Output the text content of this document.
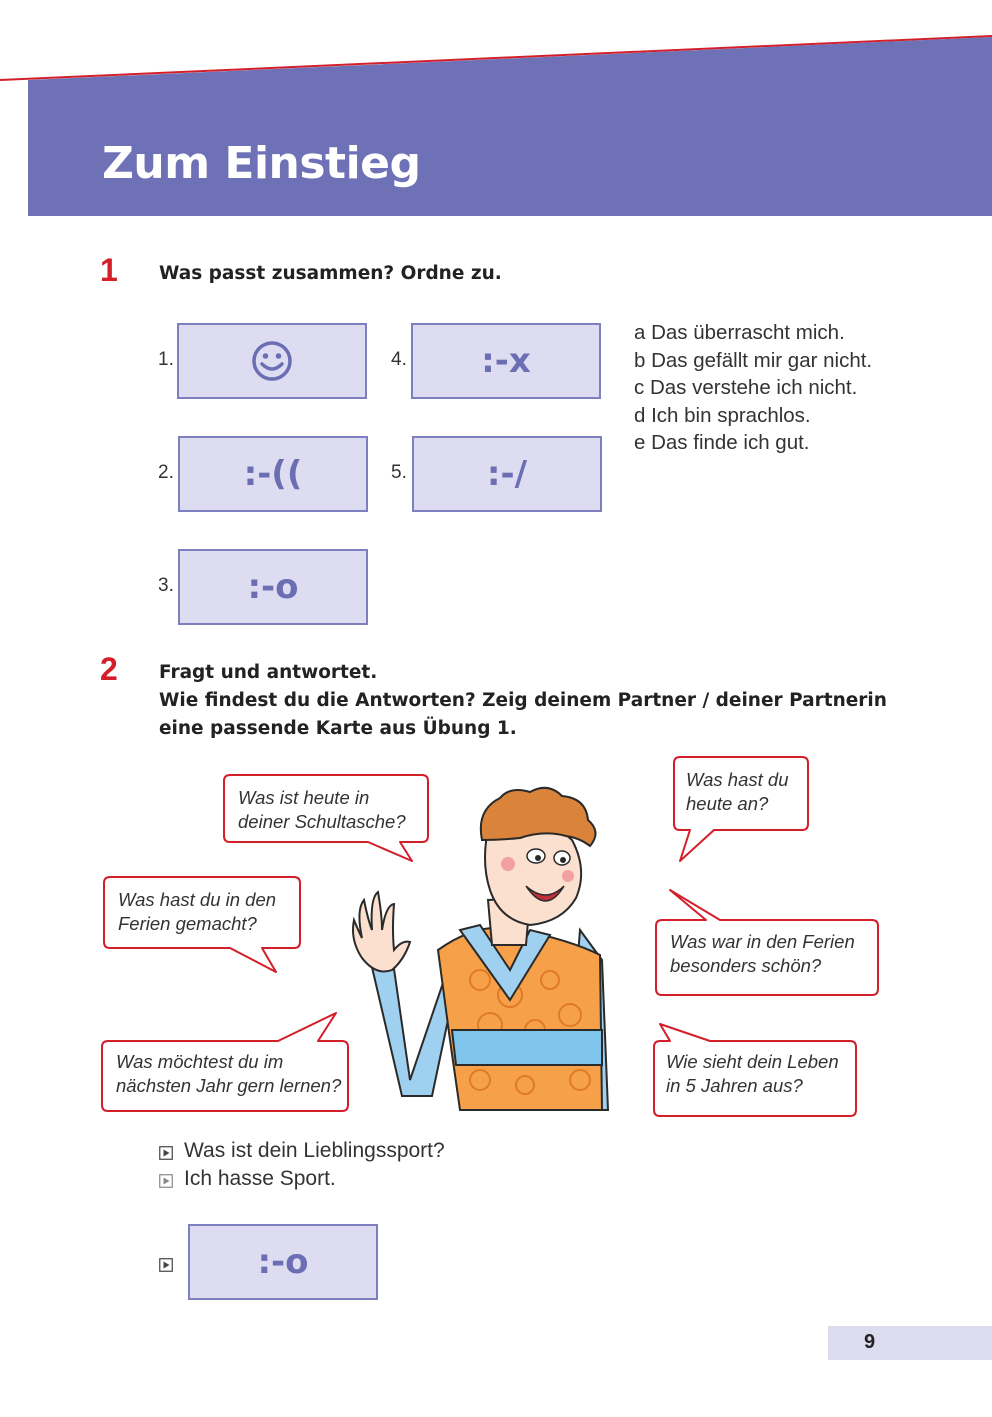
Zum Einstieg
1 Was passt zusammen? Ordne zu.
1.
2. :-((
3. :-o
4. :-x
5. :-/
a Das überrascht mich.
b Das gefällt mir gar nicht.
c Das verstehe ich nicht.
d Ich bin sprachlos.
e Das finde ich gut.
2 Fragt und antwortet.
Wie findest du die Antworten? Zeig deinem Partner / deiner Partnerin
eine passende Karte aus Übung 1.
Was ist heute in
deiner Schultasche?
Was hast du in den
Ferien gemacht?
Was möchtest du im
nächsten Jahr gern lernen?
Was hast du
heute an?
Was war in den Ferien
besonders schön?
Wie sieht dein Leben
in 5 Jahren aus?
Was ist dein Lieblingssport?
Ich hasse Sport.
:-o
9
